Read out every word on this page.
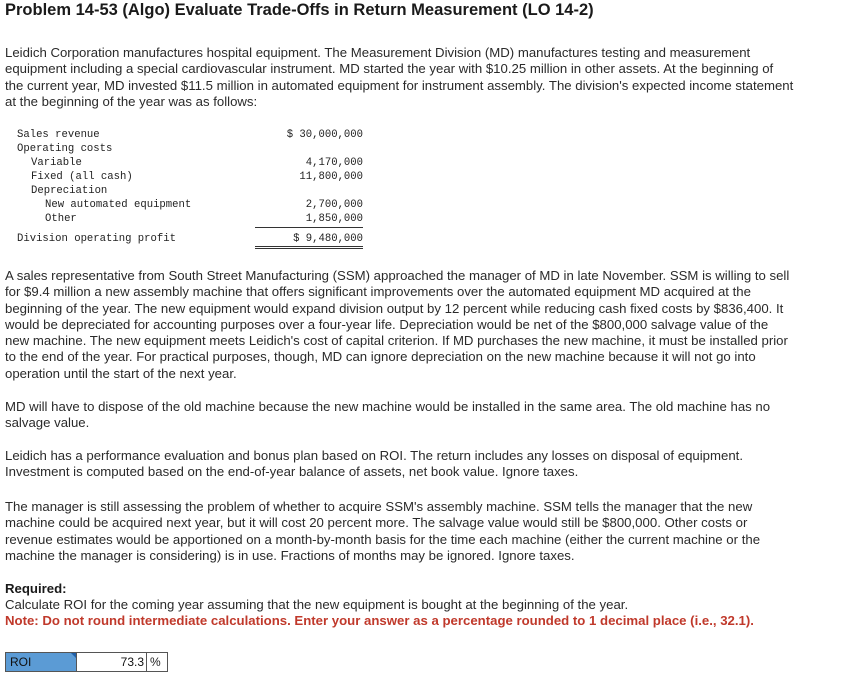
Problem 14-53 (Algo) Evaluate Trade-Offs in Return Measurement (LO 14-2)
Leidich Corporation manufactures hospital equipment. The Measurement Division (MD) manufactures testing and measurement
equipment including a special cardiovascular instrument. MD started the year with $10.25 million in other assets. At the beginning of
the current year, MD invested $11.5 million in automated equipment for instrument assembly. The division's expected income statement
at the beginning of the year was as follows:
Sales revenue	$ 30,000,000
Operating costs
Variable	4,170,000
Fixed (all cash)	11,800,000
Depreciation
New automated equipment	2,700,000
Other	1,850,000
Division operating profit	$ 9,480,000
A sales representative from South Street Manufacturing (SSM) approached the manager of MD in late November. SSM is willing to sell
for $9.4 million a new assembly machine that offers significant improvements over the automated equipment MD acquired at the
beginning of the year. The new equipment would expand division output by 12 percent while reducing cash fixed costs by $836,400. It
would be depreciated for accounting purposes over a four-year life. Depreciation would be net of the $800,000 salvage value of the
new machine. The new equipment meets Leidich's cost of capital criterion. If MD purchases the new machine, it must be installed prior
to the end of the year. For practical purposes, though, MD can ignore depreciation on the new machine because it will not go into
operation until the start of the next year.
MD will have to dispose of the old machine because the new machine would be installed in the same area. The old machine has no
salvage value.
Leidich has a performance evaluation and bonus plan based on ROI. The return includes any losses on disposal of equipment.
Investment is computed based on the end-of-year balance of assets, net book value. Ignore taxes.
The manager is still assessing the problem of whether to acquire SSM's assembly machine. SSM tells the manager that the new
machine could be acquired next year, but it will cost 20 percent more. The salvage value would still be $800,000. Other costs or
revenue estimates would be apportioned on a month-by-month basis for the time each machine (either the current machine or the
machine the manager is considering) is in use. Fractions of months may be ignored. Ignore taxes.
Required:
Calculate ROI for the coming year assuming that the new equipment is bought at the beginning of the year.
Note: Do not round intermediate calculations. Enter your answer as a percentage rounded to 1 decimal place (i.e., 32.1).
ROI
73.3	%
